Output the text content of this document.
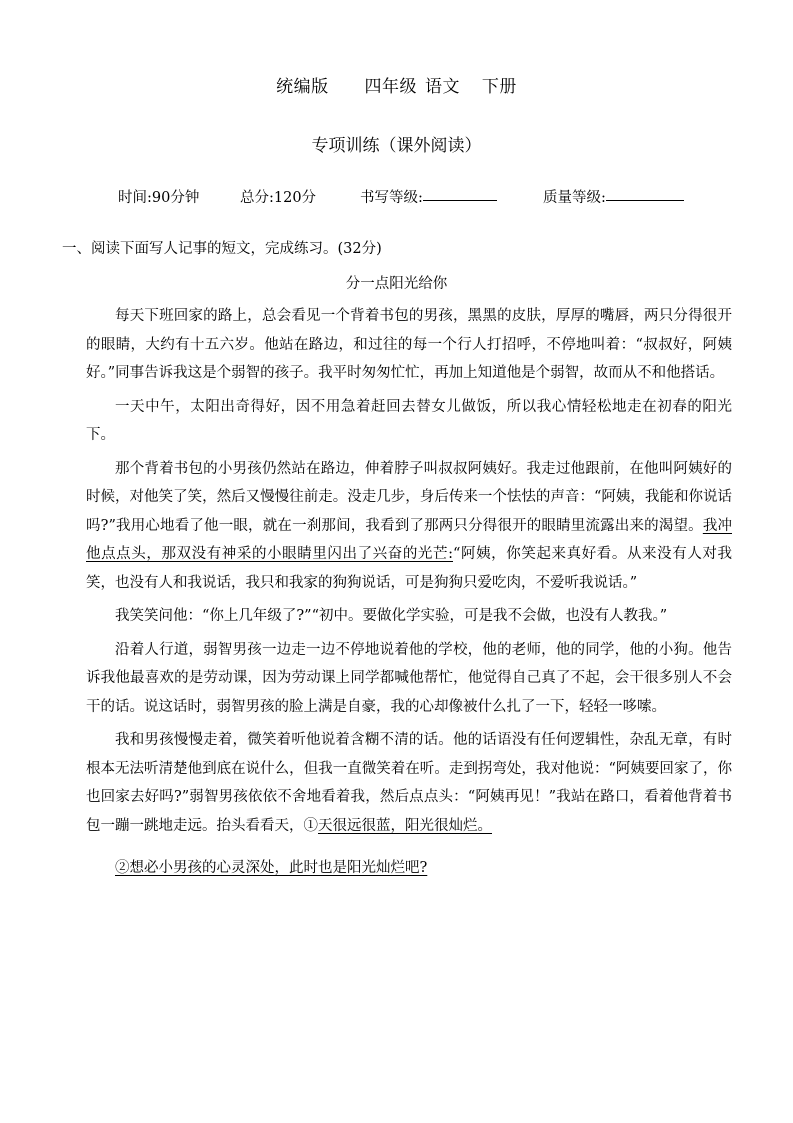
统编版 四年级 语文 下册
专项训练（课外阅读）
时间:90分钟	总分:120分	书写等级:	质量等级:
一、阅读下面写人记事的短文，完成练习。(32分)
分一点阳光给你

每天下班回家的路上，总会看见一个背着书包的男孩，黑黑的皮肤，厚厚的嘴唇，两只分得很开的眼睛，大约有十五六岁。他站在路边，和过往的每一个行人打招呼，不停地叫着：“叔叔好，阿姨好。”同事告诉我这是个弱智的孩子。我平时匆匆忙忙，再加上知道他是个弱智，故而从不和他搭话。

一天中午，太阳出奇得好，因不用急着赶回去替女儿做饭，所以我心情轻松地走在初春的阳光下。

那个背着书包的小男孩仍然站在路边，伸着脖子叫叔叔阿姨好。我走过他跟前，在他叫阿姨好的时候，对他笑了笑，然后又慢慢往前走。没走几步，身后传来一个怯怯的声音：“阿姨，我能和你说话吗?”我用心地看了他一眼，就在一刹那间，我看到了那两只分得很开的眼睛里流露出来的渴望。我冲他点点头，那双没有神采的小眼睛里闪出了兴奋的光芒:“阿姨，你笑起来真好看。从来没有人对我笑，也没有人和我说话，我只和我家的狗狗说话，可是狗狗只爱吃肉，不爱听我说话。”

我笑笑问他：“你上几年级了?”“初中。要做化学实验，可是我不会做，也没有人教我。”

沿着人行道，弱智男孩一边走一边不停地说着他的学校，他的老师，他的同学，他的小狗。他告诉我他最喜欢的是劳动课，因为劳动课上同学都喊他帮忙，他觉得自己真了不起，会干很多别人不会干的话。说这话时，弱智男孩的脸上满是自豪，我的心却像被什么扎了一下，轻轻一哆嗦。

我和男孩慢慢走着，微笑着听他说着含糊不清的话。他的话语没有任何逻辑性，杂乱无章，有时根本无法听清楚他到底在说什么，但我一直微笑着在听。走到拐弯处，我对他说：“阿姨要回家了，你也回家去好吗?”弱智男孩依依不舍地看着我，然后点点头：“阿姨再见！”我站在路口，看着他背着书包一蹦一跳地走远。抬头看看天，①天很远很蓝，阳光很灿烂。

②想必小男孩的心灵深处，此时也是阳光灿烂吧?
